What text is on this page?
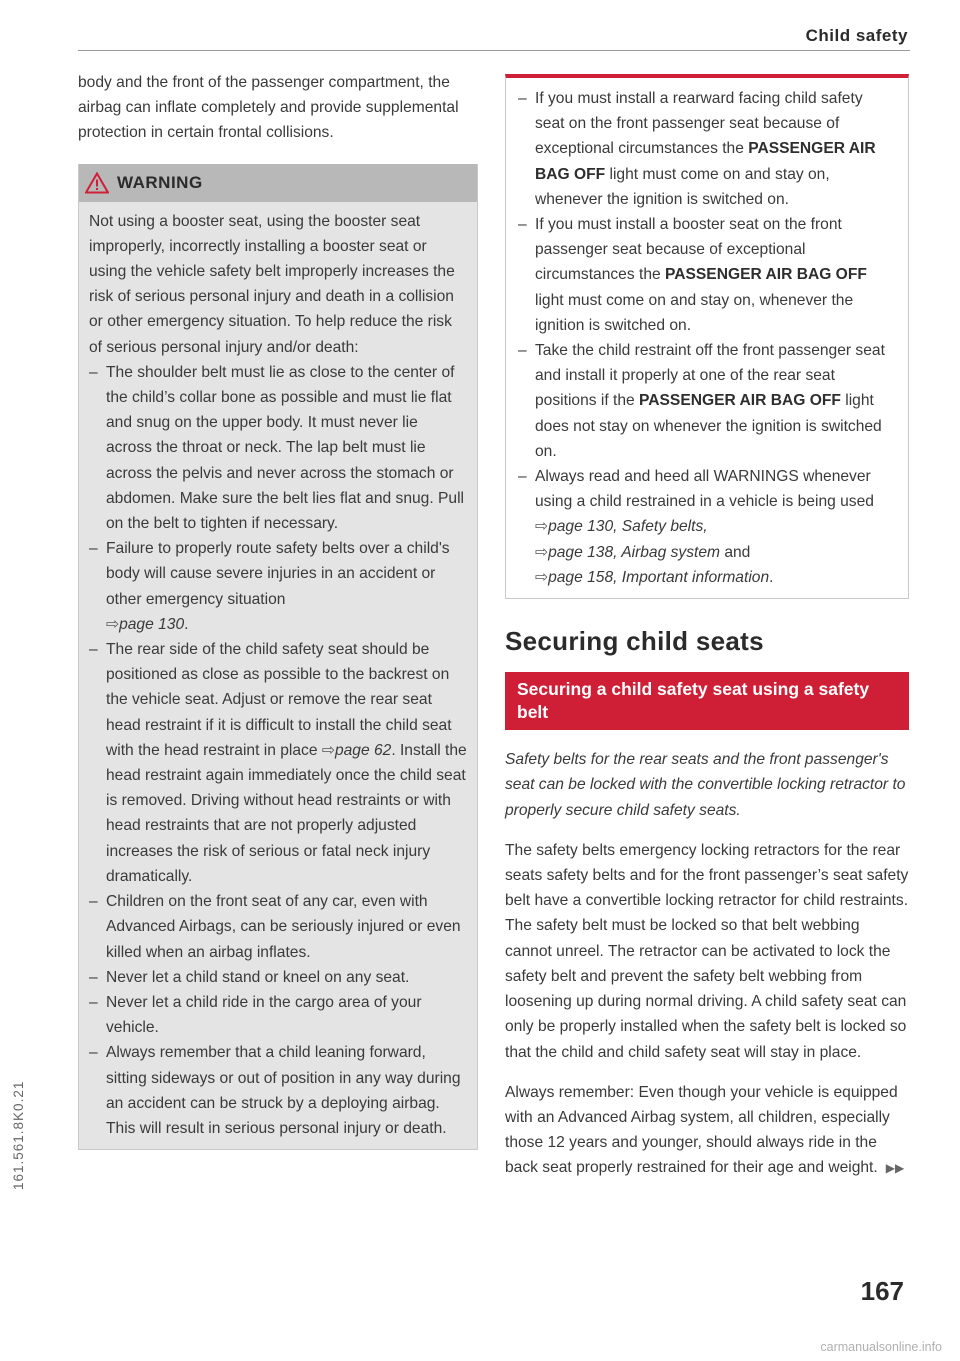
Child safety

body and the front of the passenger compartment, the airbag can inflate completely and provide supplemental protection in certain frontal collisions.

WARNING

Not using a booster seat, using the booster seat improperly, incorrectly installing a booster seat or using the vehicle safety belt improperly increases the risk of serious personal injury and death in a collision or other emergency situation. To help reduce the risk of serious personal injury and/or death:

– The shoulder belt must lie as close to the center of the child’s collar bone as possible and must lie flat and snug on the upper body. It must never lie across the throat or neck. The lap belt must lie across the pelvis and never across the stomach or abdomen. Make sure the belt lies flat and snug. Pull on the belt to tighten if necessary.
– Failure to properly route safety belts over a child's body will cause severe injuries in an accident or other emergency situation
⇨page 130.
– The rear side of the child safety seat should be positioned as close as possible to the backrest on the vehicle seat. Adjust or remove the rear seat head restraint if it is difficult to install the child seat with the head restraint in place ⇨page 62. Install the head restraint again immediately once the child seat is removed. Driving without head restraints or with head restraints that are not properly adjusted increases the risk of serious or fatal neck injury dramatically.
– Children on the front seat of any car, even with Advanced Airbags, can be seriously injured or even killed when an airbag inflates.
– Never let a child stand or kneel on any seat.
– Never let a child ride in the cargo area of your vehicle.
– Always remember that a child leaning forward, sitting sideways or out of position in any way during an accident can be struck by a deploying airbag. This will result in serious personal injury or death.
– If you must install a rearward facing child safety seat on the front passenger seat because of exceptional circumstances the PASSENGER AIR BAG OFF light must come on and stay on, whenever the ignition is switched on.
– If you must install a booster seat on the front passenger seat because of exceptional circumstances the PASSENGER AIR BAG OFF light must come on and stay on, whenever the ignition is switched on.
– Take the child restraint off the front passenger seat and install it properly at one of the rear seat positions if the PASSENGER AIR BAG OFF light does not stay on whenever the ignition is switched on.
– Always read and heed all WARNINGS whenever using a child restrained in a vehicle is being used ⇨page 130, Safety belts,
⇨page 138, Airbag system and
⇨page 158, Important information.
Securing child seats
Securing a child safety seat using a safety belt

Safety belts for the rear seats and the front passenger's seat can be locked with the convertible locking retractor to properly secure child safety seats.

The safety belts emergency locking retractors for the rear seats safety belts and for the front passenger’s seat safety belt have a convertible locking retractor for child restraints. The safety belt must be locked so that belt webbing cannot unreel. The retractor can be activated to lock the safety belt and prevent the safety belt webbing from loosening up during normal driving. A child safety seat can only be properly installed when the safety belt is locked so that the child and child safety seat will stay in place.

Always remember: Even though your vehicle is equipped with an Advanced Airbag system, all children, especially those 12 years and younger, should always ride in the back seat properly restrained for their age and weight. ▶▶

167
161.561.8K0.21
carmanualsonline.info
